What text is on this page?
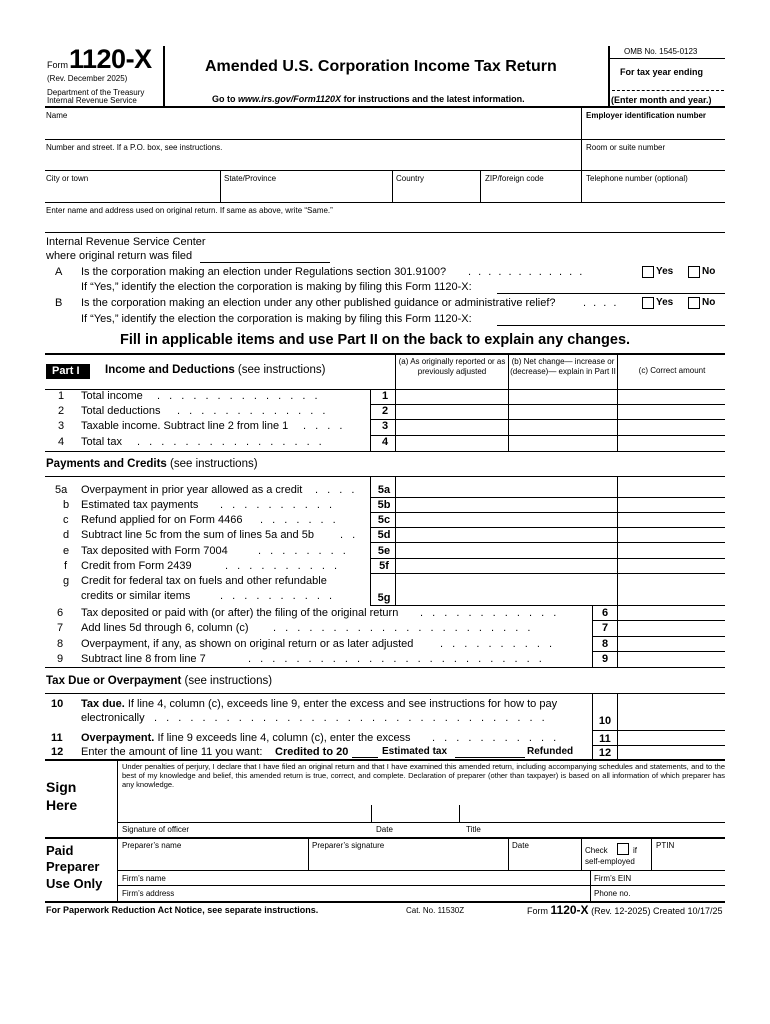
Form 1120-X
(Rev. December 2025)
Department of the Treasury
Internal Revenue Service
Amended U.S. Corporation Income Tax Return
Go to www.irs.gov/Form1120X for instructions and the latest information.
OMB No. 1545-0123
For tax year ending
(Enter month and year.)
Name	Employer identification number
Number and street. If a P.O. box, see instructions.	Room or suite number
City or town	State/Province	Country	ZIP/foreign code	Telephone number (optional)
Enter name and address used on original return. If same as above, write “Same.”
Internal Revenue Service Center
where original return was filed
A Is the corporation making an election under Regulations section 301.9100? . . . . . . . . . . . .	Yes	No
If “Yes,” identify the election the corporation is making by filing this Form 1120-X:
B Is the corporation making an election under any other published guidance or administrative relief? . . . .	Yes	No
If “Yes,” identify the election the corporation is making by filing this Form 1120-X:
Fill in applicable items and use Part II on the back to explain any changes.
Part I Income and Deductions (see instructions)
(a) As originally reported or as previously adjusted
(b) Net change— increase or (decrease)— explain in Part II	(c) Correct amount
1 Total income . . . . . . . . . . . . . .	1
2 Total deductions . . . . . . . . . . . . .	2
3 Taxable income. Subtract line 2 from line 1 . . . .	3
4 Total tax . . . . . . . . . . . . . . . .	4
Payments and Credits (see instructions)
5a Overpayment in prior year allowed as a credit . . . .	5a
b Estimated tax payments . . . . . . . . . .	5b
c Refund applied for on Form 4466 . . . . . . .	5c
d Subtract line 5c from the sum of lines 5a and 5b . .	5d
e Tax deposited with Form 7004	. . . . . . . .	5e
f Credit from Form 2439	. . . . . . . . . .	5f
g Credit for federal tax on fuels and other refundable
credits or similar items	. . . . . . . . . .	5g
6 Tax deposited or paid with (or after) the filing of the original return . . . . . . . . . . . .	6
7 Add lines 5d through 6, column (c) . . . . . . . . . . . . . . . . . . . . . .	7
8 Overpayment, if any, as shown on original return or as later adjusted . . . . . . . . . .	8
9 Subtract line 8 from line 7	. . . . . . . . . . . . . . . . . . . . . . . . .	9
Tax Due or Overpayment (see instructions)
10 Tax due. If line 4, column (c), exceeds line 9, enter the excess and see instructions for how to pay
electronically . . . . . . . . . . . . . . . . . . . . . . . . . . . . . . . . .	10
11 Overpayment. If line 9 exceeds line 4, column (c), enter the excess . . . . . . . . . . .	11
12 Enter the amount of line 11 you want: Credited to 20	Estimated tax	Refunded	12
Sign
Here
Under penalties of perjury, I declare that I have filed an original return and that I have examined this amended return, including accompanying schedules and statements, and to the best of my knowledge and belief, this amended return is true, correct, and complete. Declaration of preparer (other than taxpayer) is based on all information of which preparer has any knowledge.
Signature of officer	Date	Title
Paid
Preparer
Use Only
Preparer’s name	Preparer’s signature	Date
Check	if
self-employed
PTIN
Firm’s name	Firm’s EIN
Firm’s address	Phone no.
For Paperwork Reduction Act Notice, see separate instructions.	Cat. No. 11530Z	Form 1120-X (Rev. 12-2025) Created 10/17/25
